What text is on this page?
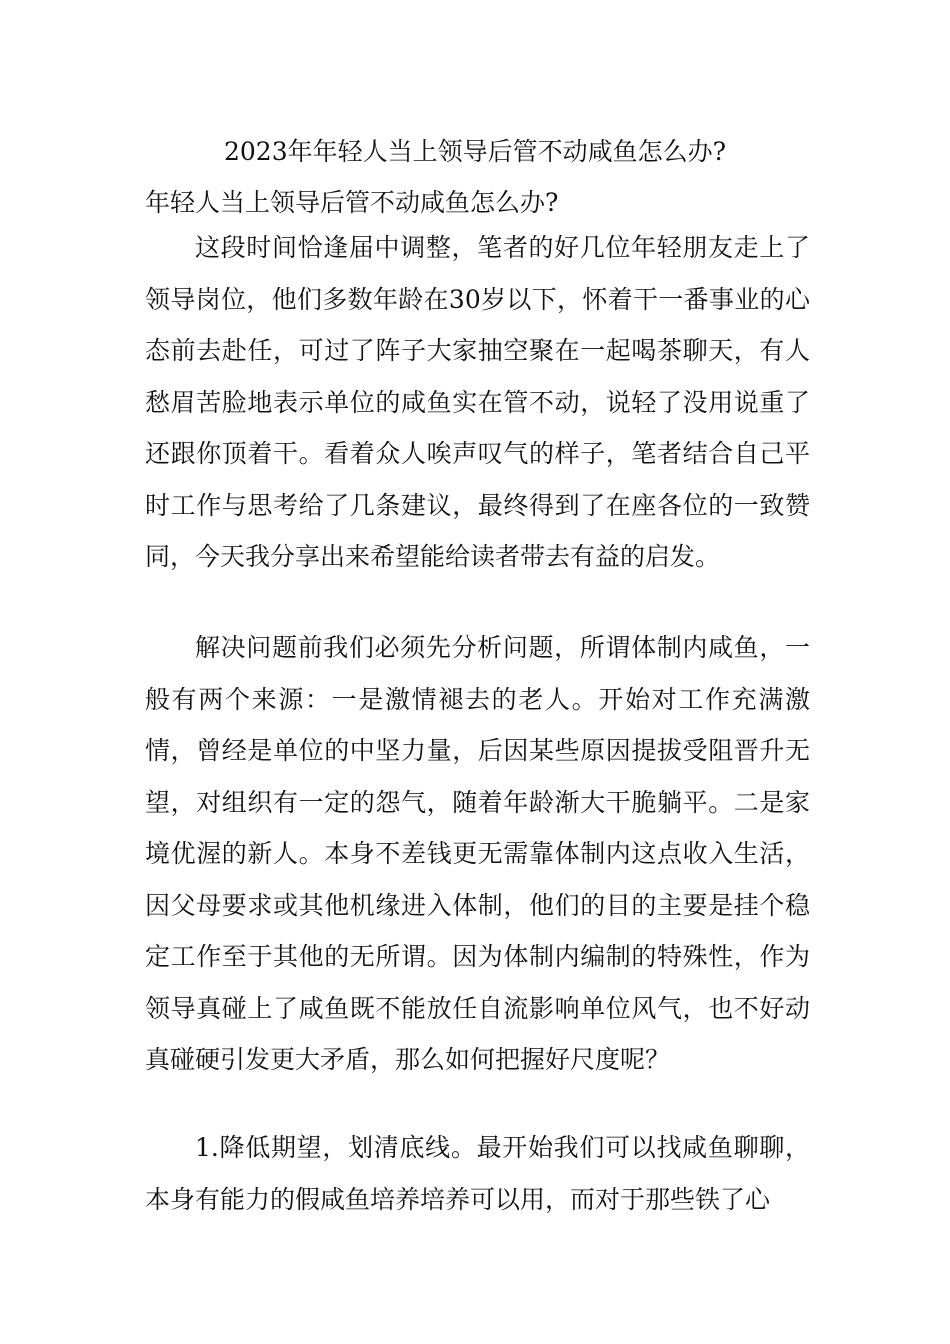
2023年年轻人当上领导后管不动咸鱼怎么办?

年轻人当上领导后管不动咸鱼怎么办?

这段时间恰逢届中调整，笔者的好几位年轻朋友走上了领导岗位，他们多数年龄在30岁以下，怀着干一番事业的心态前去赴任，可过了阵子大家抽空聚在一起喝茶聊天，有人愁眉苦脸地表示单位的咸鱼实在管不动，说轻了没用说重了还跟你顶着干。看着众人唉声叹气的样子，笔者结合自己平时工作与思考给了几条建议，最终得到了在座各位的一致赞同，今天我分享出来希望能给读者带去有益的启发。

解决问题前我们必须先分析问题，所谓体制内咸鱼，一般有两个来源：一是激情褪去的老人。开始对工作充满激情，曾经是单位的中坚力量，后因某些原因提拔受阻晋升无望，对组织有一定的怨气，随着年龄渐大干脆躺平。二是家境优渥的新人。本身不差钱更无需靠体制内这点收入生活，因父母要求或其他机缘进入体制，他们的目的主要是挂个稳定工作至于其他的无所谓。因为体制内编制的特殊性，作为领导真碰上了咸鱼既不能放任自流影响单位风气，也不好动真碰硬引发更大矛盾，那么如何把握好尺度呢？

1.降低期望，划清底线。最开始我们可以找咸鱼聊聊，本身有能力的假咸鱼培养培养可以用，而对于那些铁了心
